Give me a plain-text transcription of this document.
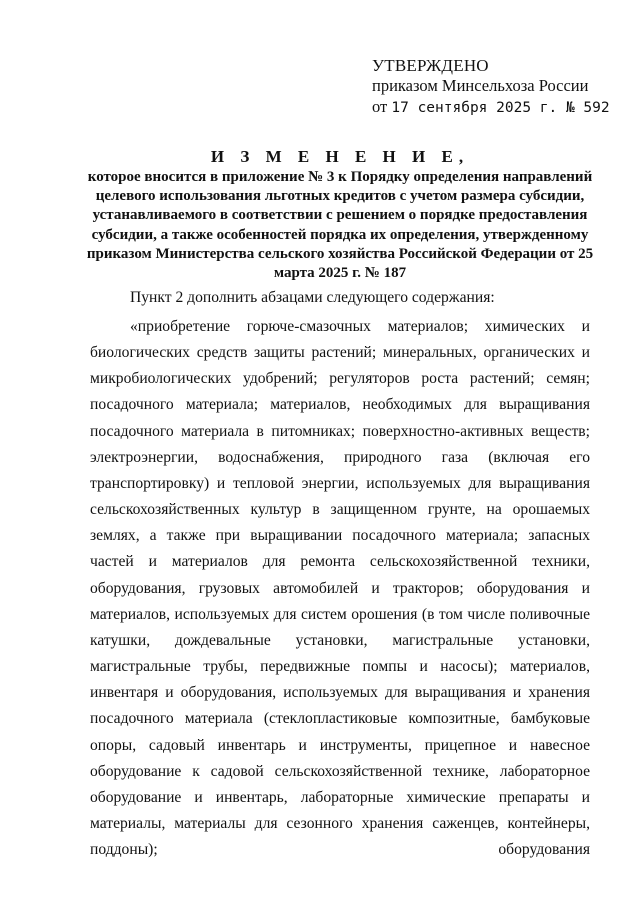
УТВЕРЖДЕНО
приказом Минсельхоза России
от 17 сентября 2025 г. № 592
И З М Е Н Е Н И Е,
которое вносится в приложение № 3 к Порядку определения направлений целевого использования льготных кредитов с учетом размера субсидии, устанавливаемого в соответствии с решением о порядке предоставления субсидии, а также особенностей порядка их определения, утвержденному приказом Министерства сельского хозяйства Российской Федерации от 25 марта 2025 г. № 187

Пункт 2 дополнить абзацами следующего содержания:

«приобретение горюче-смазочных материалов; химических и биологических средств защиты растений; минеральных, органических и микробиологических удобрений; регуляторов роста растений; семян; посадочного материала; материалов, необходимых для выращивания посадочного материала в питомниках; поверхностно-активных веществ; электроэнергии, водоснабжения, природного газа (включая его транспортировку) и тепловой энергии, используемых для выращивания сельскохозяйственных культур в защищенном грунте, на орошаемых землях, а также при выращивании посадочного материала; запасных частей и материалов для ремонта сельскохозяйственной техники, оборудования, грузовых автомобилей и тракторов; оборудования и материалов, используемых для систем орошения (в том числе поливочные катушки, дождевальные установки, магистральные установки, магистральные трубы, передвижные помпы и насосы); материалов, инвентаря и оборудования, используемых для выращивания и хранения посадочного материала (стеклопластиковые композитные, бамбуковые опоры, садовый инвентарь и инструменты, прицепное и навесное оборудование к садовой сельскохозяйственной технике, лабораторное оборудование и инвентарь, лабораторные химические препараты и материалы, материалы для сезонного хранения саженцев, контейнеры, поддоны); оборудования
